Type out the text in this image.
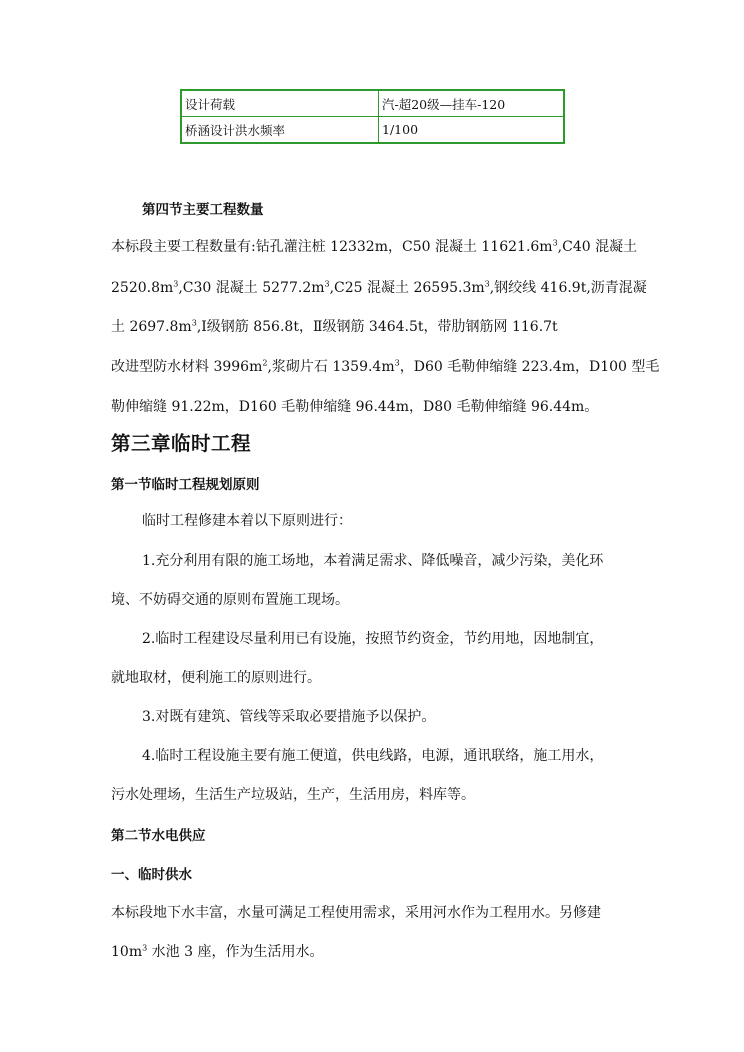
设计荷载	汽-超20级—挂车-120
桥涵设计洪水频率	1/100
第四节主要工程数量
本标段主要工程数量有:钻孔灌注桩 12332m，C50 混凝土 $11621.6m^3,C40$ 混凝土
$2520.8m^3,C30$ 混凝土 $5277.2m^3,C25$ 混凝土 $26595.3m^3$,钢绞线 416.9t,沥青混凝
土 $2697.8m^3,Ⅰ$级钢筋 856.8t，Ⅱ级钢筋 3464.5t，带肋钢筋网 116.7t
改进型防水材料 $3996m^2$,浆砌片石 $1359.4m^3$，D60 毛勒伸缩缝 223.4m，D100 型毛
勒伸缩缝 91.22m，D160 毛勒伸缩缝 96.44m，D80 毛勒伸缩缝 96.44m。
第三章临时工程
第一节临时工程规划原则
临时工程修建本着以下原则进行：
1.充分利用有限的施工场地，本着满足需求、降低噪音，减少污染，美化环
境、不妨碍交通的原则布置施工现场。
2.临时工程建设尽量利用已有设施，按照节约资金，节约用地，因地制宜，
就地取材，便利施工的原则进行。
3.对既有建筑、管线等采取必要措施予以保护。
4.临时工程设施主要有施工便道，供电线路，电源，通讯联络，施工用水，
污水处理场，生活生产垃圾站，生产，生活用房，料库等。
第二节水电供应
一、临时供水
本标段地下水丰富，水量可满足工程使用需求，采用河水作为工程用水。另修建
$10m^3$ 水池 3 座，作为生活用水。
